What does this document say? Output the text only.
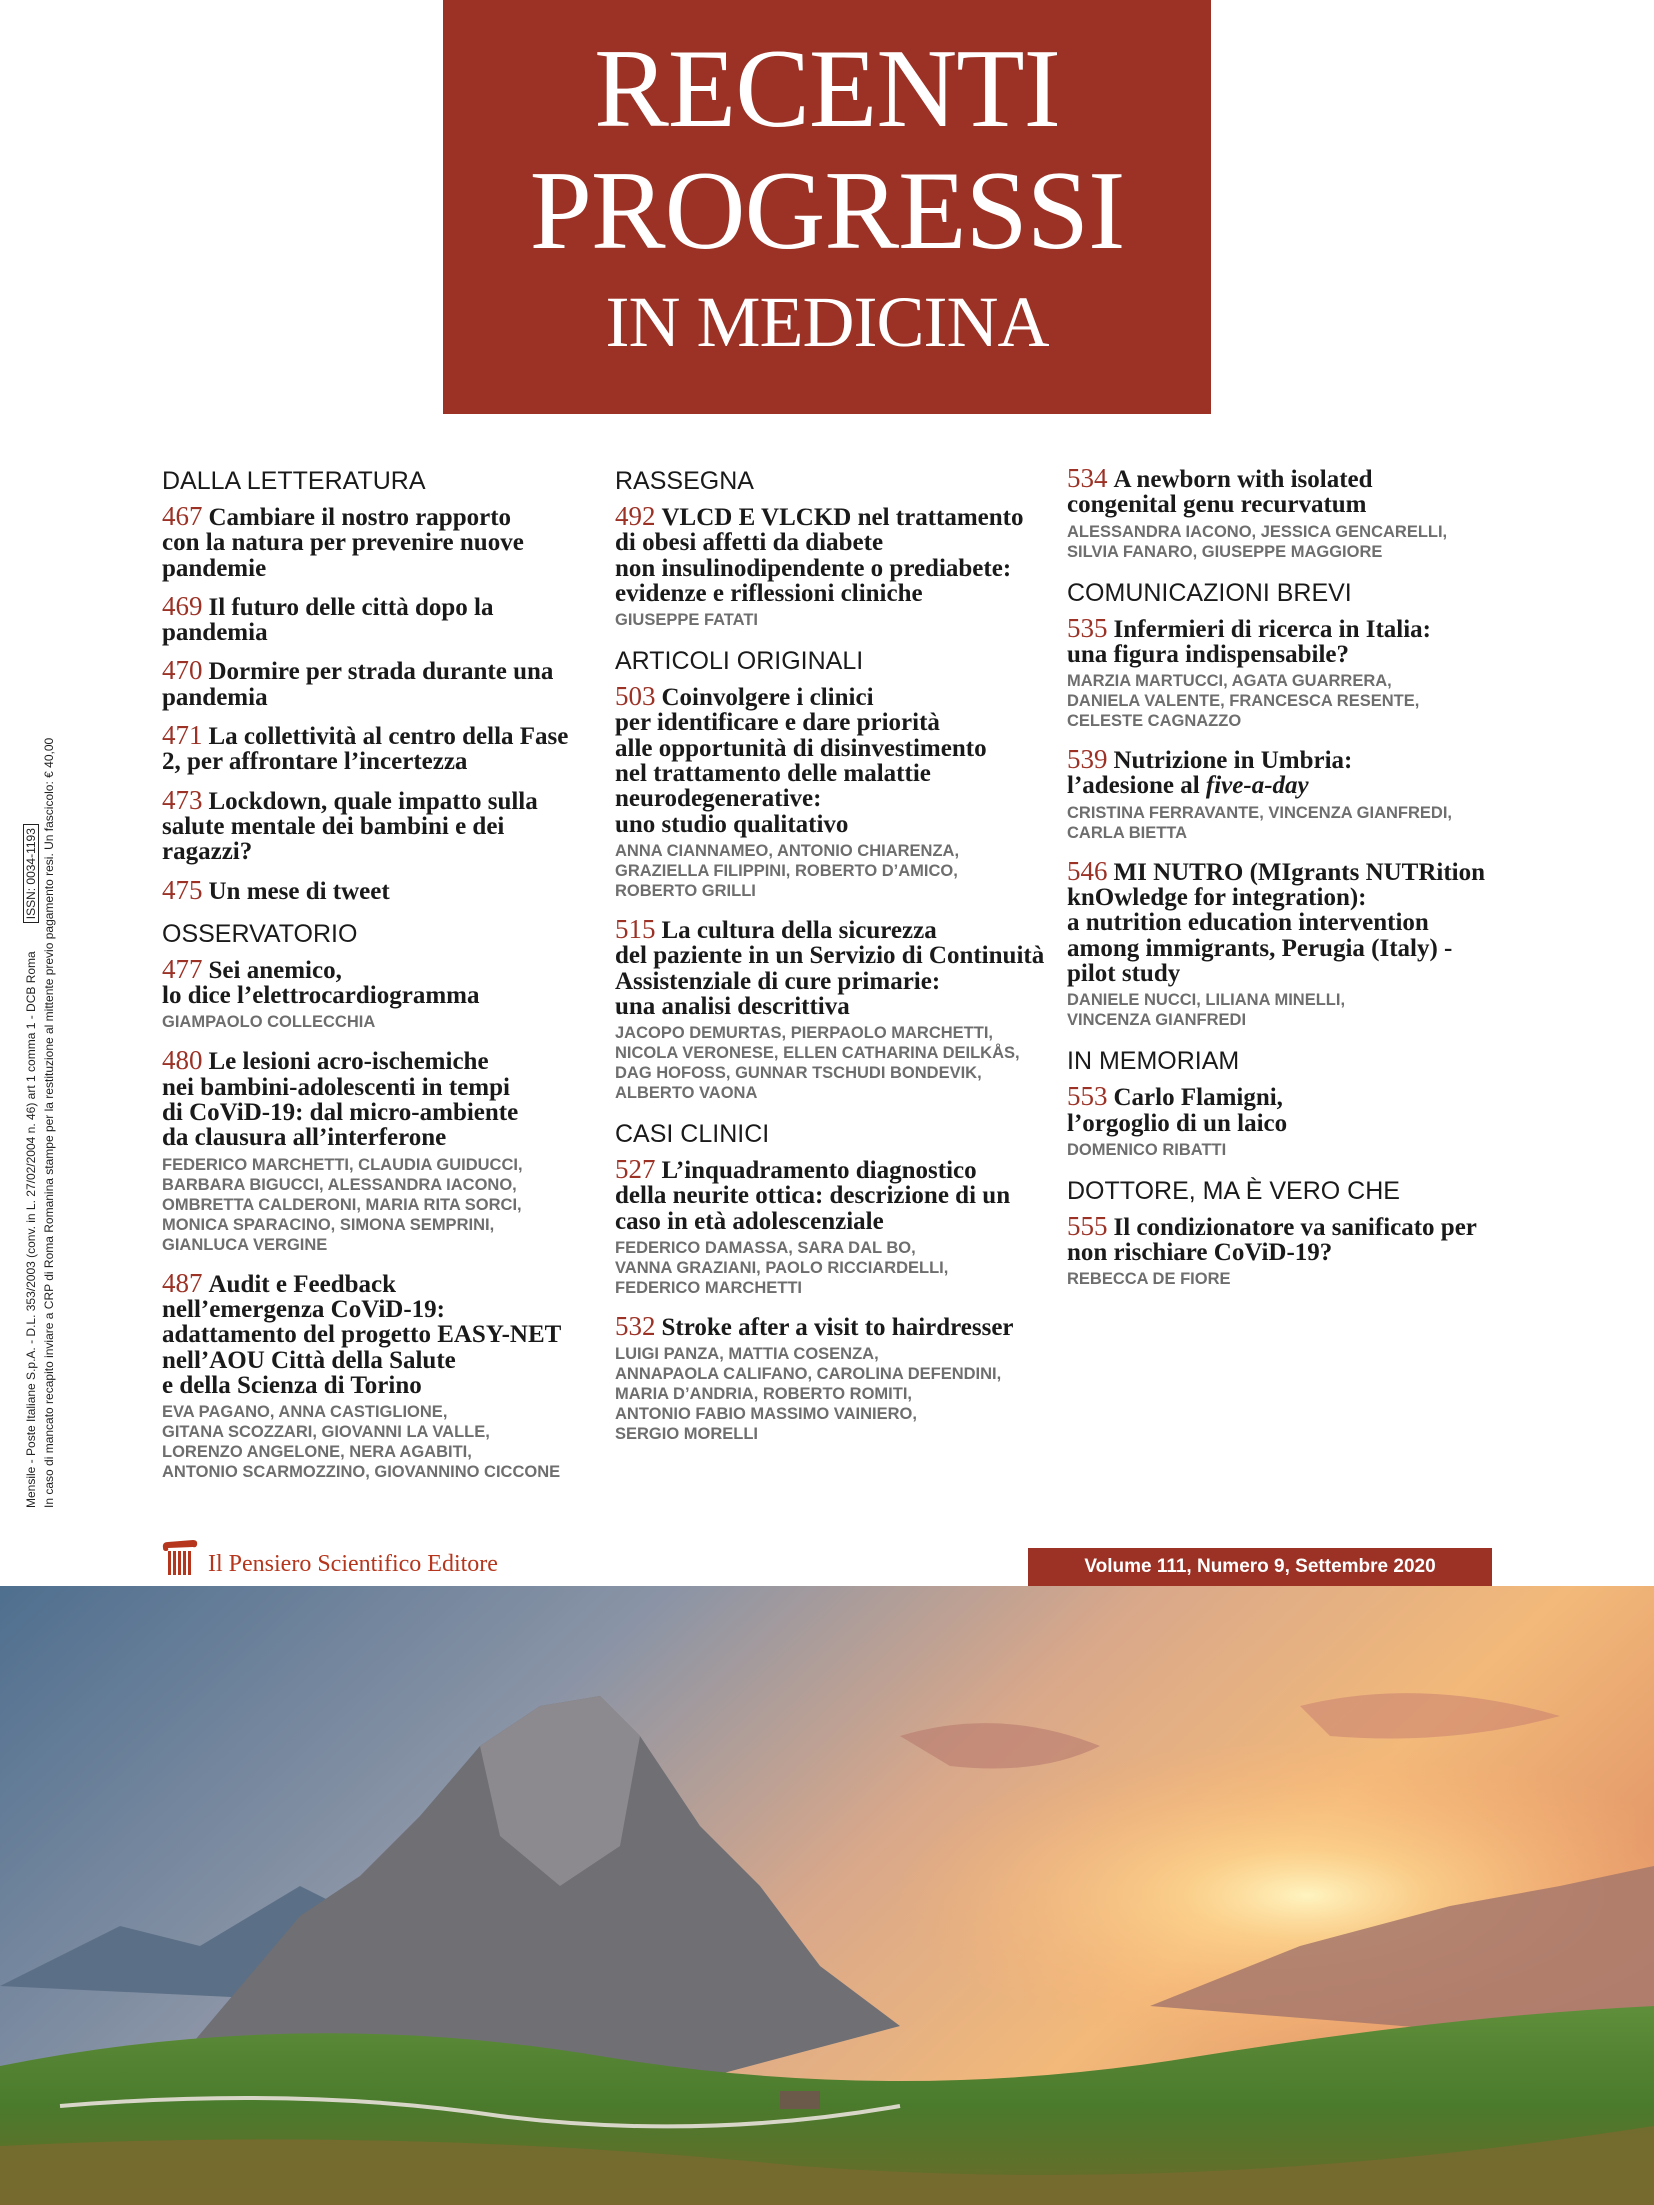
RECENTI
PROGRESSI
IN MEDICINA
Mensile - Poste Italiane S.p.A. - D.L. 353/2003 (conv. in L. 27/02/2004 n. 46) art 1 comma 1 - DCB RomaISSN: 0034-1193 In caso di mancato recapito inviare a CRP di Roma Romanina stampe per la restituzione al mittente previo pagamento resi. Un fascicolo: € 40,00
DALLA LETTERATURA
467 Cambiare il nostro rapporto
con la natura per prevenire nuove
pandemie
469 Il futuro delle città dopo la
pandemia
470 Dormire per strada durante una
pandemia
471 La collettività al centro della Fase
2, per affrontare l’incertezza
473 Lockdown, quale impatto sulla
salute mentale dei bambini e dei
ragazzi?
475 Un mese di tweet
OSSERVATORIO
477 Sei anemico,
lo dice l’elettrocardiogramma
GIAMPAOLO COLLECCHIA
480 Le lesioni acro-ischemiche
nei bambini-adolescenti in tempi
di CoViD-19: dal micro-ambiente
da clausura all’interferone
FEDERICO MARCHETTI, CLAUDIA GUIDUCCI,
BARBARA BIGUCCI, ALESSANDRA IACONO,
OMBRETTA CALDERONI, MARIA RITA SORCI,
MONICA SPARACINO, SIMONA SEMPRINI,
GIANLUCA VERGINE
487 Audit e Feedback
nell’emergenza CoViD-19:
adattamento del progetto EASY-NET
nell’AOU Città della Salute
e della Scienza di Torino
EVA PAGANO, ANNA CASTIGLIONE,
GITANA SCOZZARI, GIOVANNI LA VALLE,
LORENZO ANGELONE, NERA AGABITI,
ANTONIO SCARMOZZINO, GIOVANNINO CICCONE
RASSEGNA
492 VLCD E VLCKD nel trattamento
di obesi affetti da diabete
non insulinodipendente o prediabete:
evidenze e riflessioni cliniche
GIUSEPPE FATATI
ARTICOLI ORIGINALI
503 Coinvolgere i clinici
per identificare e dare priorità
alle opportunità di disinvestimento
nel trattamento delle malattie
neurodegenerative:
uno studio qualitativo
ANNA CIANNAMEO, ANTONIO CHIARENZA,
GRAZIELLA FILIPPINI, ROBERTO D’AMICO,
ROBERTO GRILLI
515 La cultura della sicurezza
del paziente in un Servizio di Continuità
Assistenziale di cure primarie:
una analisi descrittiva
JACOPO DEMURTAS, PIERPAOLO MARCHETTI,
NICOLA VERONESE, ELLEN CATHARINA DEILKÅS,
DAG HOFOSS, GUNNAR TSCHUDI BONDEVIK,
ALBERTO VAONA
CASI CLINICI
527 L’inquadramento diagnostico
della neurite ottica: descrizione di un
caso in età adolescenziale
FEDERICO DAMASSA, SARA DAL BO,
VANNA GRAZIANI, PAOLO RICCIARDELLI,
FEDERICO MARCHETTI
532 Stroke after a visit to hairdresser
LUIGI PANZA, MATTIA COSENZA,
ANNAPAOLA CALIFANO, CAROLINA DEFENDINI,
MARIA D’ANDRIA, ROBERTO ROMITI,
ANTONIO FABIO MASSIMO VAINIERO,
SERGIO MORELLI
534 A newborn with isolated
congenital genu recurvatum
ALESSANDRA IACONO, JESSICA GENCARELLI,
SILVIA FANARO, GIUSEPPE MAGGIORE
COMUNICAZIONI BREVI
535 Infermieri di ricerca in Italia:
una figura indispensabile?
MARZIA MARTUCCI, AGATA GUARRERA,
DANIELA VALENTE, FRANCESCA RESENTE,
CELESTE CAGNAZZO
539 Nutrizione in Umbria:
l’adesione al five-a-day
CRISTINA FERRAVANTE, VINCENZA GIANFREDI,
CARLA BIETTA
546 MI NUTRO (MIgrants NUTRition
knOwledge for integration):
a nutrition education intervention
among immigrants, Perugia (Italy) -
pilot study
DANIELE NUCCI, LILIANA MINELLI,
VINCENZA GIANFREDI
IN MEMORIAM
553 Carlo Flamigni,
l’orgoglio di un laico
DOMENICO RIBATTI
DOTTORE, MA È VERO CHE
555 Il condizionatore va sanificato per
non rischiare CoViD-19?
REBECCA DE FIORE
Il Pensiero Scientifico Editore	Volume 111, Numero 9, Settembre 2020
